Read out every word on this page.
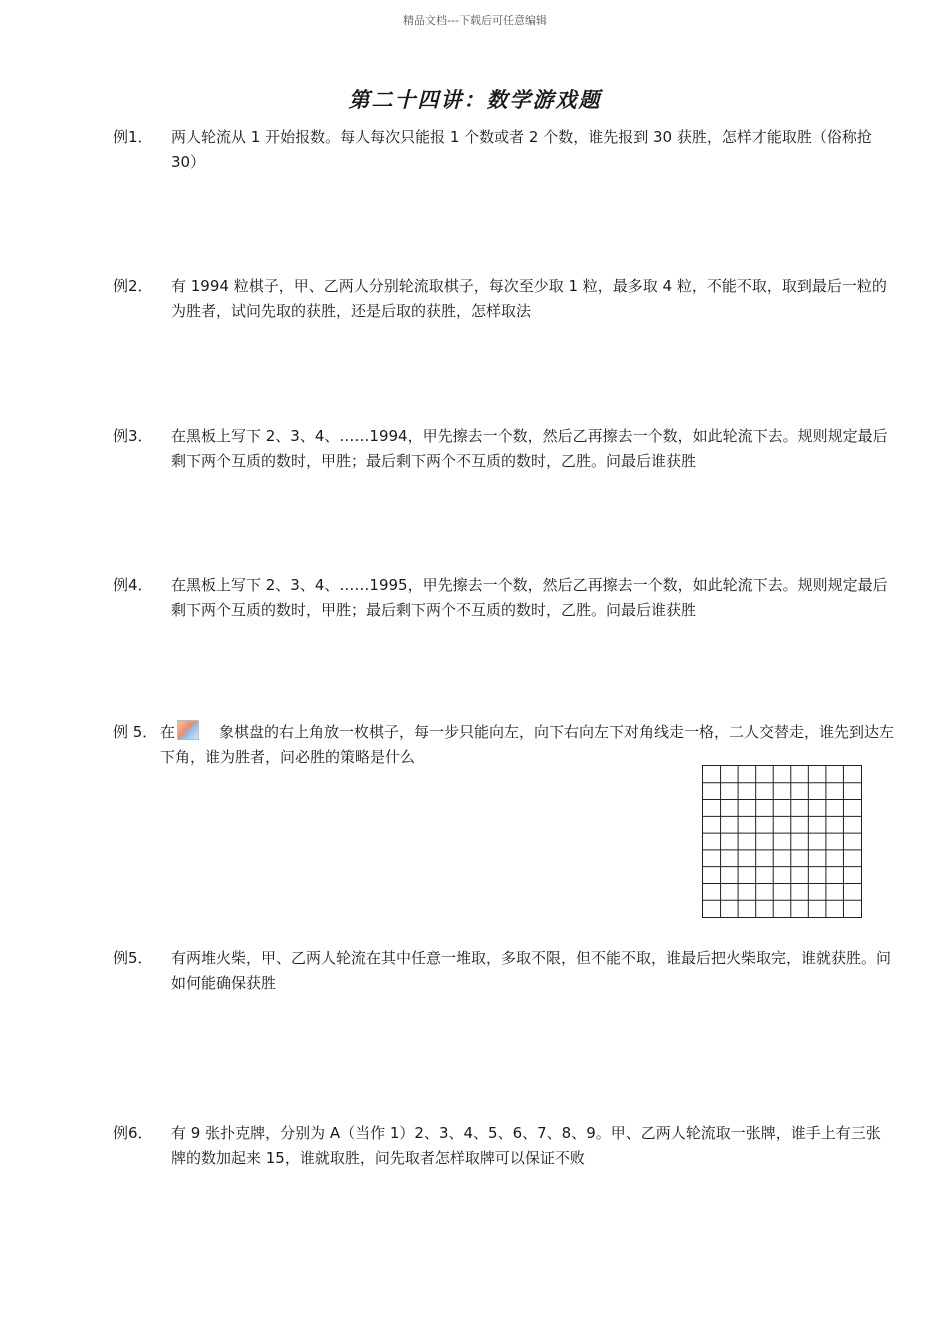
精品文档---下载后可任意编辑
第二十四讲：数学游戏题
例1． 两人轮流从 1 开始报数。每人每次只能报 1 个数或者 2 个数，谁先报到 30 获胜，怎样才能取胜（俗称抢 30）
例2． 有 1994 粒棋子，甲、乙两人分别轮流取棋子，每次至少取 1 粒，最多取 4 粒，不能不取，取到最后一粒的为胜者，试问先取的获胜，还是后取的获胜，怎样取法
例3． 在黑板上写下 2、3、4、……1994，甲先擦去一个数，然后乙再擦去一个数，如此轮流下去。规则规定最后剩下两个互质的数时，甲胜；最后剩下两个不互质的数时，乙胜。问最后谁获胜
例4． 在黑板上写下 2、3、4、……1995，甲先擦去一个数，然后乙再擦去一个数，如此轮流下去。规则规定最后剩下两个互质的数时，甲胜；最后剩下两个不互质的数时，乙胜。问最后谁获胜
例 5． 在	象棋盘的右上角放一枚棋子，每一步只能向左，向下右向左下对角线走一格，二人交替走，谁先到达左下角，谁为胜者，问必胜的策略是什么
例5． 有两堆火柴，甲、乙两人轮流在其中任意一堆取，多取不限，但不能不取，谁最后把火柴取完，谁就获胜。问如何能确保获胜
例6． 有 9 张扑克牌，分别为 A（当作 1）2、3、4、5、6、7、8、9。甲、乙两人轮流取一张牌，谁手上有三张牌的数加起来 15，谁就取胜，问先取者怎样取牌可以保证不败
